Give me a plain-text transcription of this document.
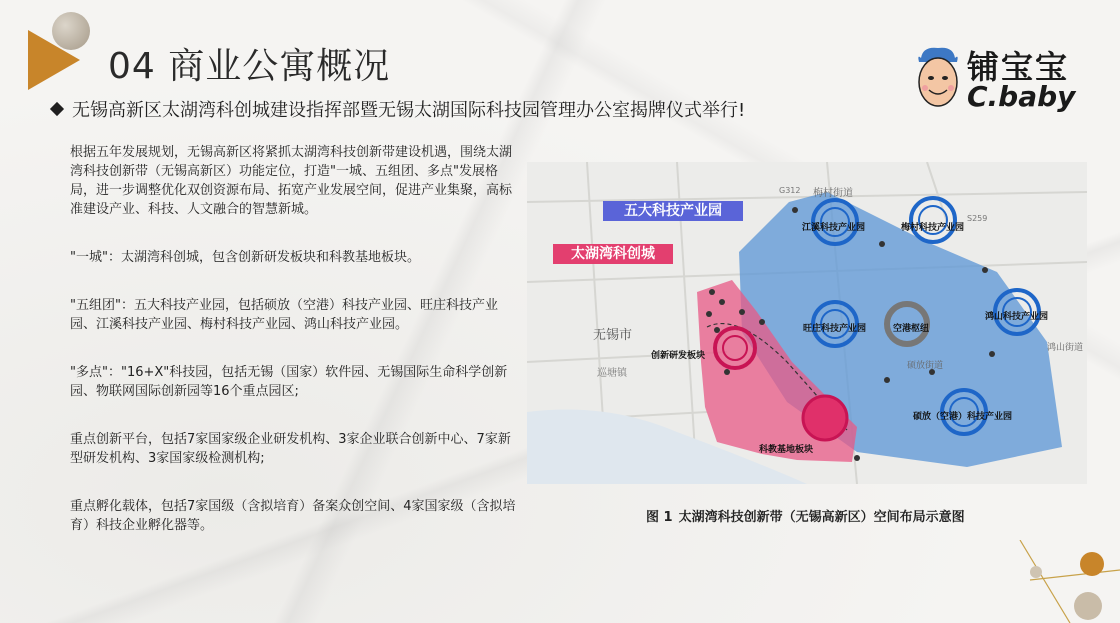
04 商业公寓概况
无锡高新区太湖湾科创城建设指挥部暨无锡太湖国际科技园管理办公室揭牌仪式举行!
铺宝宝
C.baby

根据五年发展规划，无锡高新区将紧抓太湖湾科技创新带建设机遇，围绕太湖湾科技创新带（无锡高新区）功能定位，打造"一城、五组团、多点"发展格局，进一步调整优化双创资源布局、拓宽产业发展空间，促进产业集聚，高标准建设产业、科技、人文融合的智慧新城。

"一城"：太湖湾科创城，包含创新研发板块和科教基地板块。

"五组团"：五大科技产业园，包括硕放（空港）科技产业园、旺庄科技产业园、江溪科技产业园、梅村科技产业园、鸿山科技产业园。

"多点"："16+X"科技园，包括无锡（国家）软件园、无锡国际生命科学创新园、物联网国际创新园等16个重点园区;

重点创新平台，包括7家国家级企业研发机构、3家企业联合创新中心、7家新型研发机构、3家国家级检测机构;

重点孵化载体，包括7家国级（含拟培育）备案众创空间、4家国家级（含拟培育）科技企业孵化器等。

五大科技产业园
太湖湾科创城
江溪科技产业园	梅村科技产业园
旺庄科技产业园
鸿山科技产业园
硕放（空港）科技产业园
空港枢纽
创新研发板块
科教基地板块
无锡市
梅村街道
G312
S259
巡塘镇
硕放街道
鸿山街道
图 1 太湖湾科技创新带（无锡高新区）空间布局示意图
